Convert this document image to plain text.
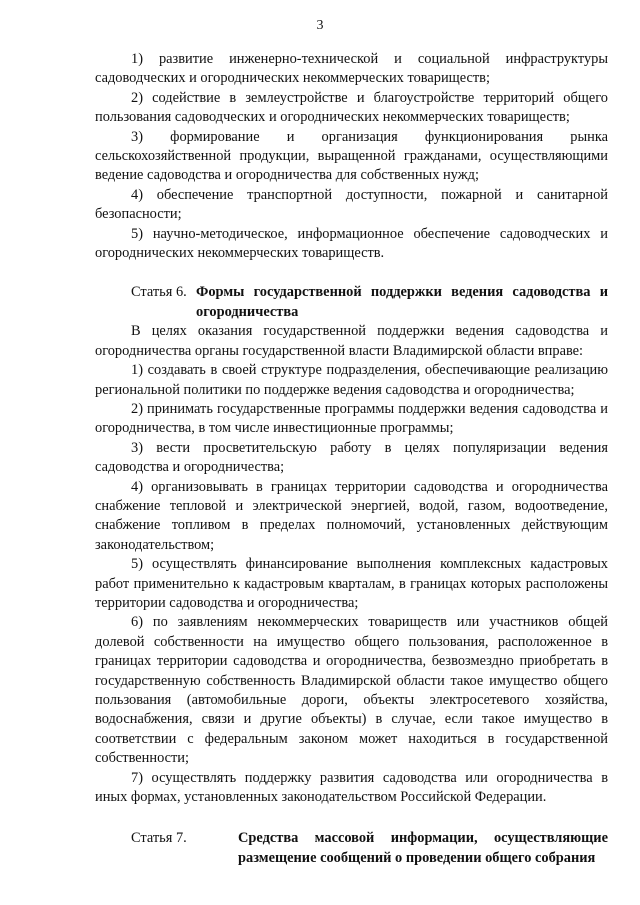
3

1) развитие инженерно-технической и социальной инфраструктуры садоводческих и огороднических некоммерческих товариществ;

2) содействие в землеустройстве и благоустройстве территорий общего пользования садоводческих и огороднических некоммерческих товариществ;

3) формирование и организация функционирования рынка сельскохозяйственной продукции, выращенной гражданами, осуществляющими ведение садоводства и огородничества для собственных нужд;

4) обеспечение транспортной доступности, пожарной и санитарной безопасности;

5) научно-методическое, информационное обеспечение садоводческих и огороднических некоммерческих товариществ.

Статья 6. Формы государственной поддержки ведения садоводства и огородничества

В целях оказания государственной поддержки ведения садоводства и огородничества органы государственной власти Владимирской области вправе:

1) создавать в своей структуре подразделения, обеспечивающие реализацию региональной политики по поддержке ведения садоводства и огородничества;

2) принимать государственные программы поддержки ведения садоводства и огородничества, в том числе инвестиционные программы;

3) вести просветительскую работу в целях популяризации ведения садоводства и огородничества;

4) организовывать в границах территории садоводства и огородничества снабжение тепловой и электрической энергией, водой, газом, водоотведение, снабжение топливом в пределах полномочий, установленных действующим законодательством;

5) осуществлять финансирование выполнения комплексных кадастровых работ применительно к кадастровым кварталам, в границах которых расположены территории садоводства и огородничества;

6) по заявлениям некоммерческих товариществ или участников общей долевой собственности на имущество общего пользования, расположенное в границах территории садоводства и огородничества, безвозмездно приобретать в государственную собственность Владимирской области такое имущество общего пользования (автомобильные дороги, объекты электросетевого хозяйства, водоснабжения, связи и другие объекты) в случае, если такое имущество в соответствии с федеральным законом может находиться в государственной собственности;

7) осуществлять поддержку развития садоводства или огородничества в иных формах, установленных законодательством Российской Федерации.

Статья 7.	Средства массовой информации, осуществляющие размещение сообщений о проведении общего собрания
